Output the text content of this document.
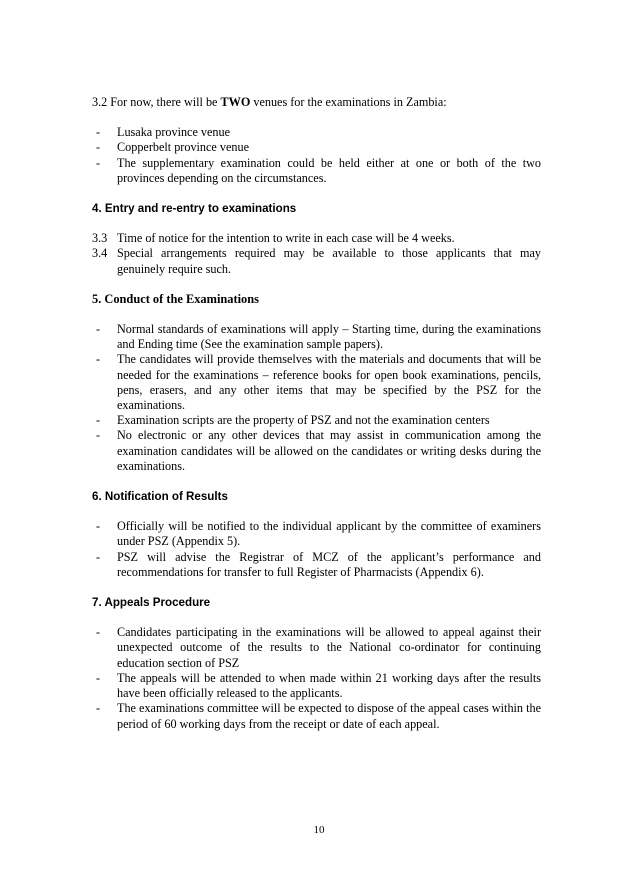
3.2 For now, there will be TWO venues for the examinations in Zambia:

- Lusaka province venue

- Copperbelt province venue

- The supplementary examination could be held either at one or both of the two provinces depending on the circumstances.

4. Entry and re-entry to examinations

3.3 Time of notice for the intention to write in each case will be 4 weeks.

3.4 Special arrangements required may be available to those applicants that may genuinely require such.

5. Conduct of the Examinations

- Normal standards of examinations will apply – Starting time, during the examinations and Ending time (See the examination sample papers).

- The candidates will provide themselves with the materials and documents that will be needed for the examinations – reference books for open book examinations, pencils, pens, erasers, and any other items that may be specified by the PSZ for the examinations.

- Examination scripts are the property of PSZ and not the examination centers

- No electronic or any other devices that may assist in communication among the examination candidates will be allowed on the candidates or writing desks during the examinations.

6. Notification of Results

- Officially will be notified to the individual applicant by the committee of examiners under PSZ (Appendix 5).

- PSZ will advise the Registrar of MCZ of the applicant’s performance and recommendations for transfer to full Register of Pharmacists (Appendix 6).

7. Appeals Procedure

- Candidates participating in the examinations will be allowed to appeal against their unexpected outcome of the results to the National co-ordinator for continuing education section of PSZ

- The appeals will be attended to when made within 21 working days after the results have been officially released to the applicants.

- The examinations committee will be expected to dispose of the appeal cases within the period of 60 working days from the receipt or date of each appeal.

10
